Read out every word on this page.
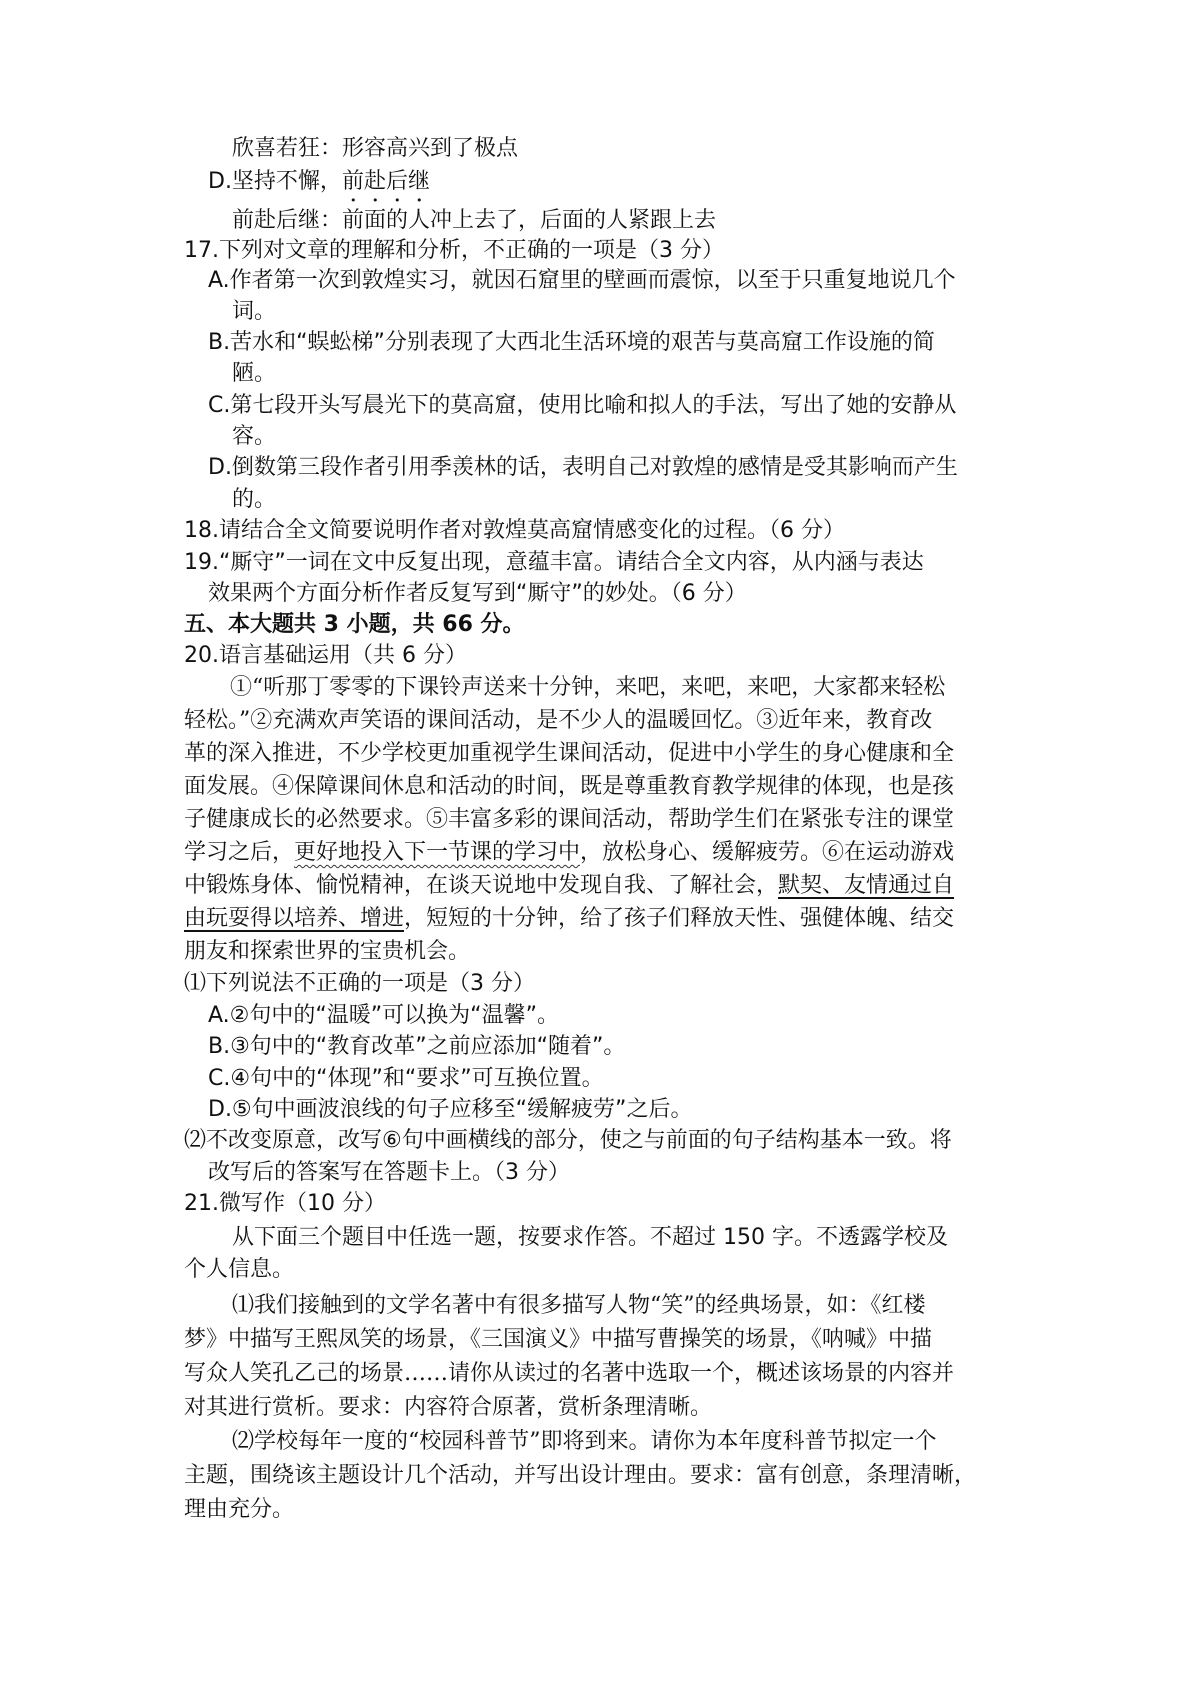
欣喜若狂：形容高兴到了极点
D.坚持不懈，前赴后继
前赴后继：前面的人冲上去了，后面的人紧跟上去
17.下列对文章的理解和分析，不正确的一项是（3 分）
A.作者第一次到敦煌实习，就因石窟里的壁画而震惊，以至于只重复地说几个
词。
B.苦水和“蜈蚣梯”分别表现了大西北生活环境的艰苦与莫高窟工作设施的简
陋。
C.第七段开头写晨光下的莫高窟，使用比喻和拟人的手法，写出了她的安静从
容。
D.倒数第三段作者引用季羡林的话，表明自己对敦煌的感情是受其影响而产生
的。
18.请结合全文简要说明作者对敦煌莫高窟情感变化的过程。（6 分）
19.“厮守”一词在文中反复出现，意蕴丰富。请结合全文内容，从内涵与表达
效果两个方面分析作者反复写到“厮守”的妙处。（6 分）
五、本大题共 3 小题，共 66 分。
20.语言基础运用（共 6 分）
①“听那丁零零的下课铃声送来十分钟，来吧，来吧，来吧，大家都来轻松
轻松。”②充满欢声笑语的课间活动，是不少人的温暖回忆。③近年来，教育改
革的深入推进，不少学校更加重视学生课间活动，促进中小学生的身心健康和全
面发展。④保障课间休息和活动的时间，既是尊重教育教学规律的体现，也是孩
子健康成长的必然要求。⑤丰富多彩的课间活动，帮助学生们在紧张专注的课堂
学习之后，更好地投入下一节课的学习中，放松身心、缓解疲劳。⑥在运动游戏
中锻炼身体、愉悦精神，在谈天说地中发现自我、了解社会，默契、友情通过自
由玩耍得以培养、增进，短短的十分钟，给了孩子们释放天性、强健体魄、结交
朋友和探索世界的宝贵机会。
⑴下列说法不正确的一项是（3 分）
A.②句中的“温暖”可以换为“温馨”。
B.③句中的“教育改革”之前应添加“随着”。
C.④句中的“体现”和“要求”可互换位置。
D.⑤句中画波浪线的句子应移至“缓解疲劳”之后。
⑵不改变原意，改写⑥句中画横线的部分，使之与前面的句子结构基本一致。将
改写后的答案写在答题卡上。（3 分）
21.微写作（10 分）
从下面三个题目中任选一题，按要求作答。不超过 150 字。不透露学校及
个人信息。
⑴我们接触到的文学名著中有很多描写人物“笑”的经典场景，如：《红楼
梦》中描写王熙凤笑的场景，《三国演义》中描写曹操笑的场景，《呐喊》中描
写众人笑孔乙己的场景……请你从读过的名著中选取一个，概述该场景的内容并
对其进行赏析。要求：内容符合原著，赏析条理清晰。
⑵学校每年一度的“校园科普节”即将到来。请你为本年度科普节拟定一个
主题，围绕该主题设计几个活动，并写出设计理由。要求：富有创意，条理清晰，
理由充分。
